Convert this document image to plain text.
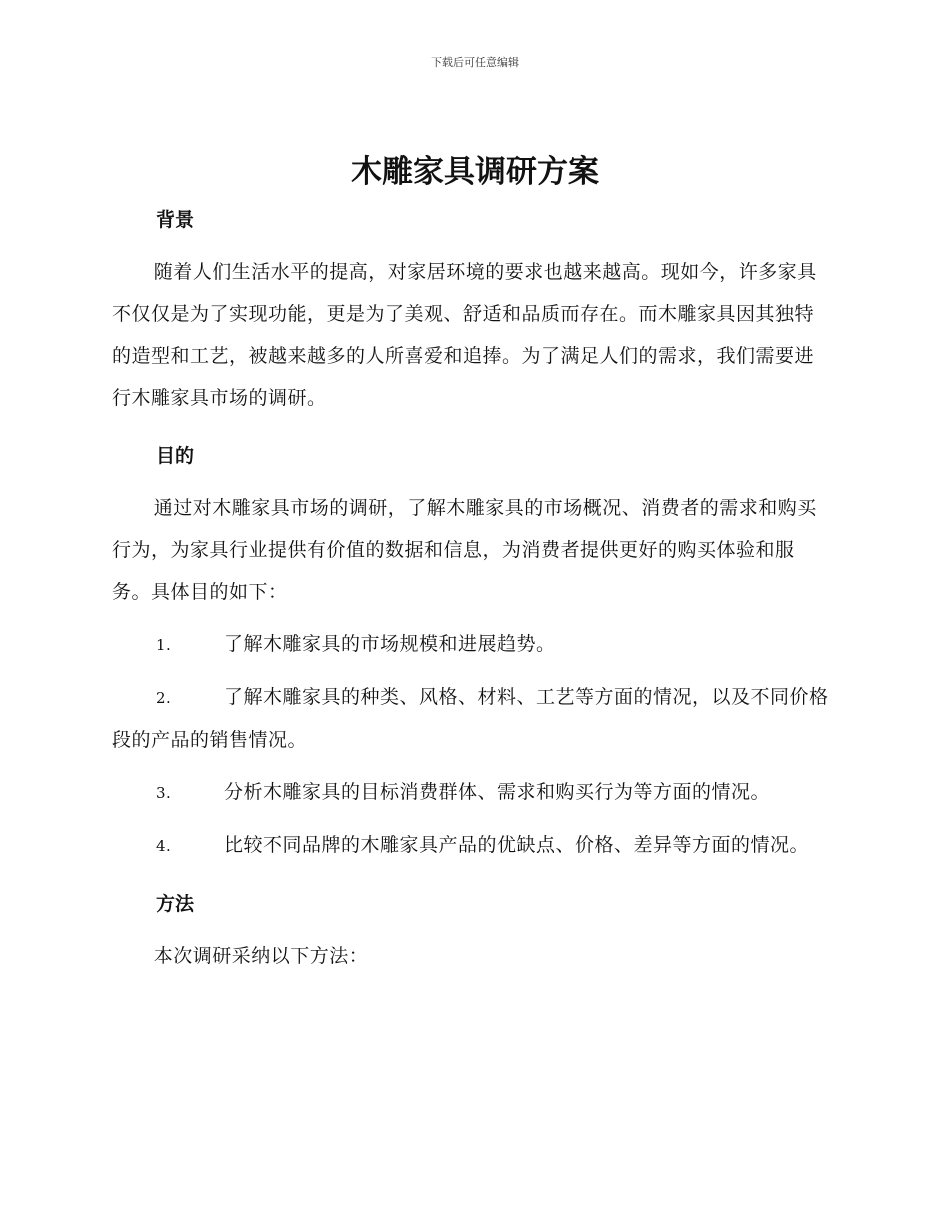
下载后可任意编辑
木雕家具调研方案
背景

随着人们生活水平的提高，对家居环境的要求也越来越高。现如今，许多家具不仅仅是为了实现功能，更是为了美观、舒适和品质而存在。而木雕家具因其独特的造型和工艺，被越来越多的人所喜爱和追捧。为了满足人们的需求，我们需要进行木雕家具市场的调研。

目的

通过对木雕家具市场的调研，了解木雕家具的市场概况、消费者的需求和购买行为，为家具行业提供有价值的数据和信息，为消费者提供更好的购买体验和服务。具体目的如下：

1.	了解木雕家具的市场规模和进展趋势。

2.	了解木雕家具的种类、风格、材料、工艺等方面的情况，以及不同价格段的产品的销售情况。

3.	分析木雕家具的目标消费群体、需求和购买行为等方面的情况。

4.	比较不同品牌的木雕家具产品的优缺点、价格、差异等方面的情况。

方法

本次调研采纳以下方法：
